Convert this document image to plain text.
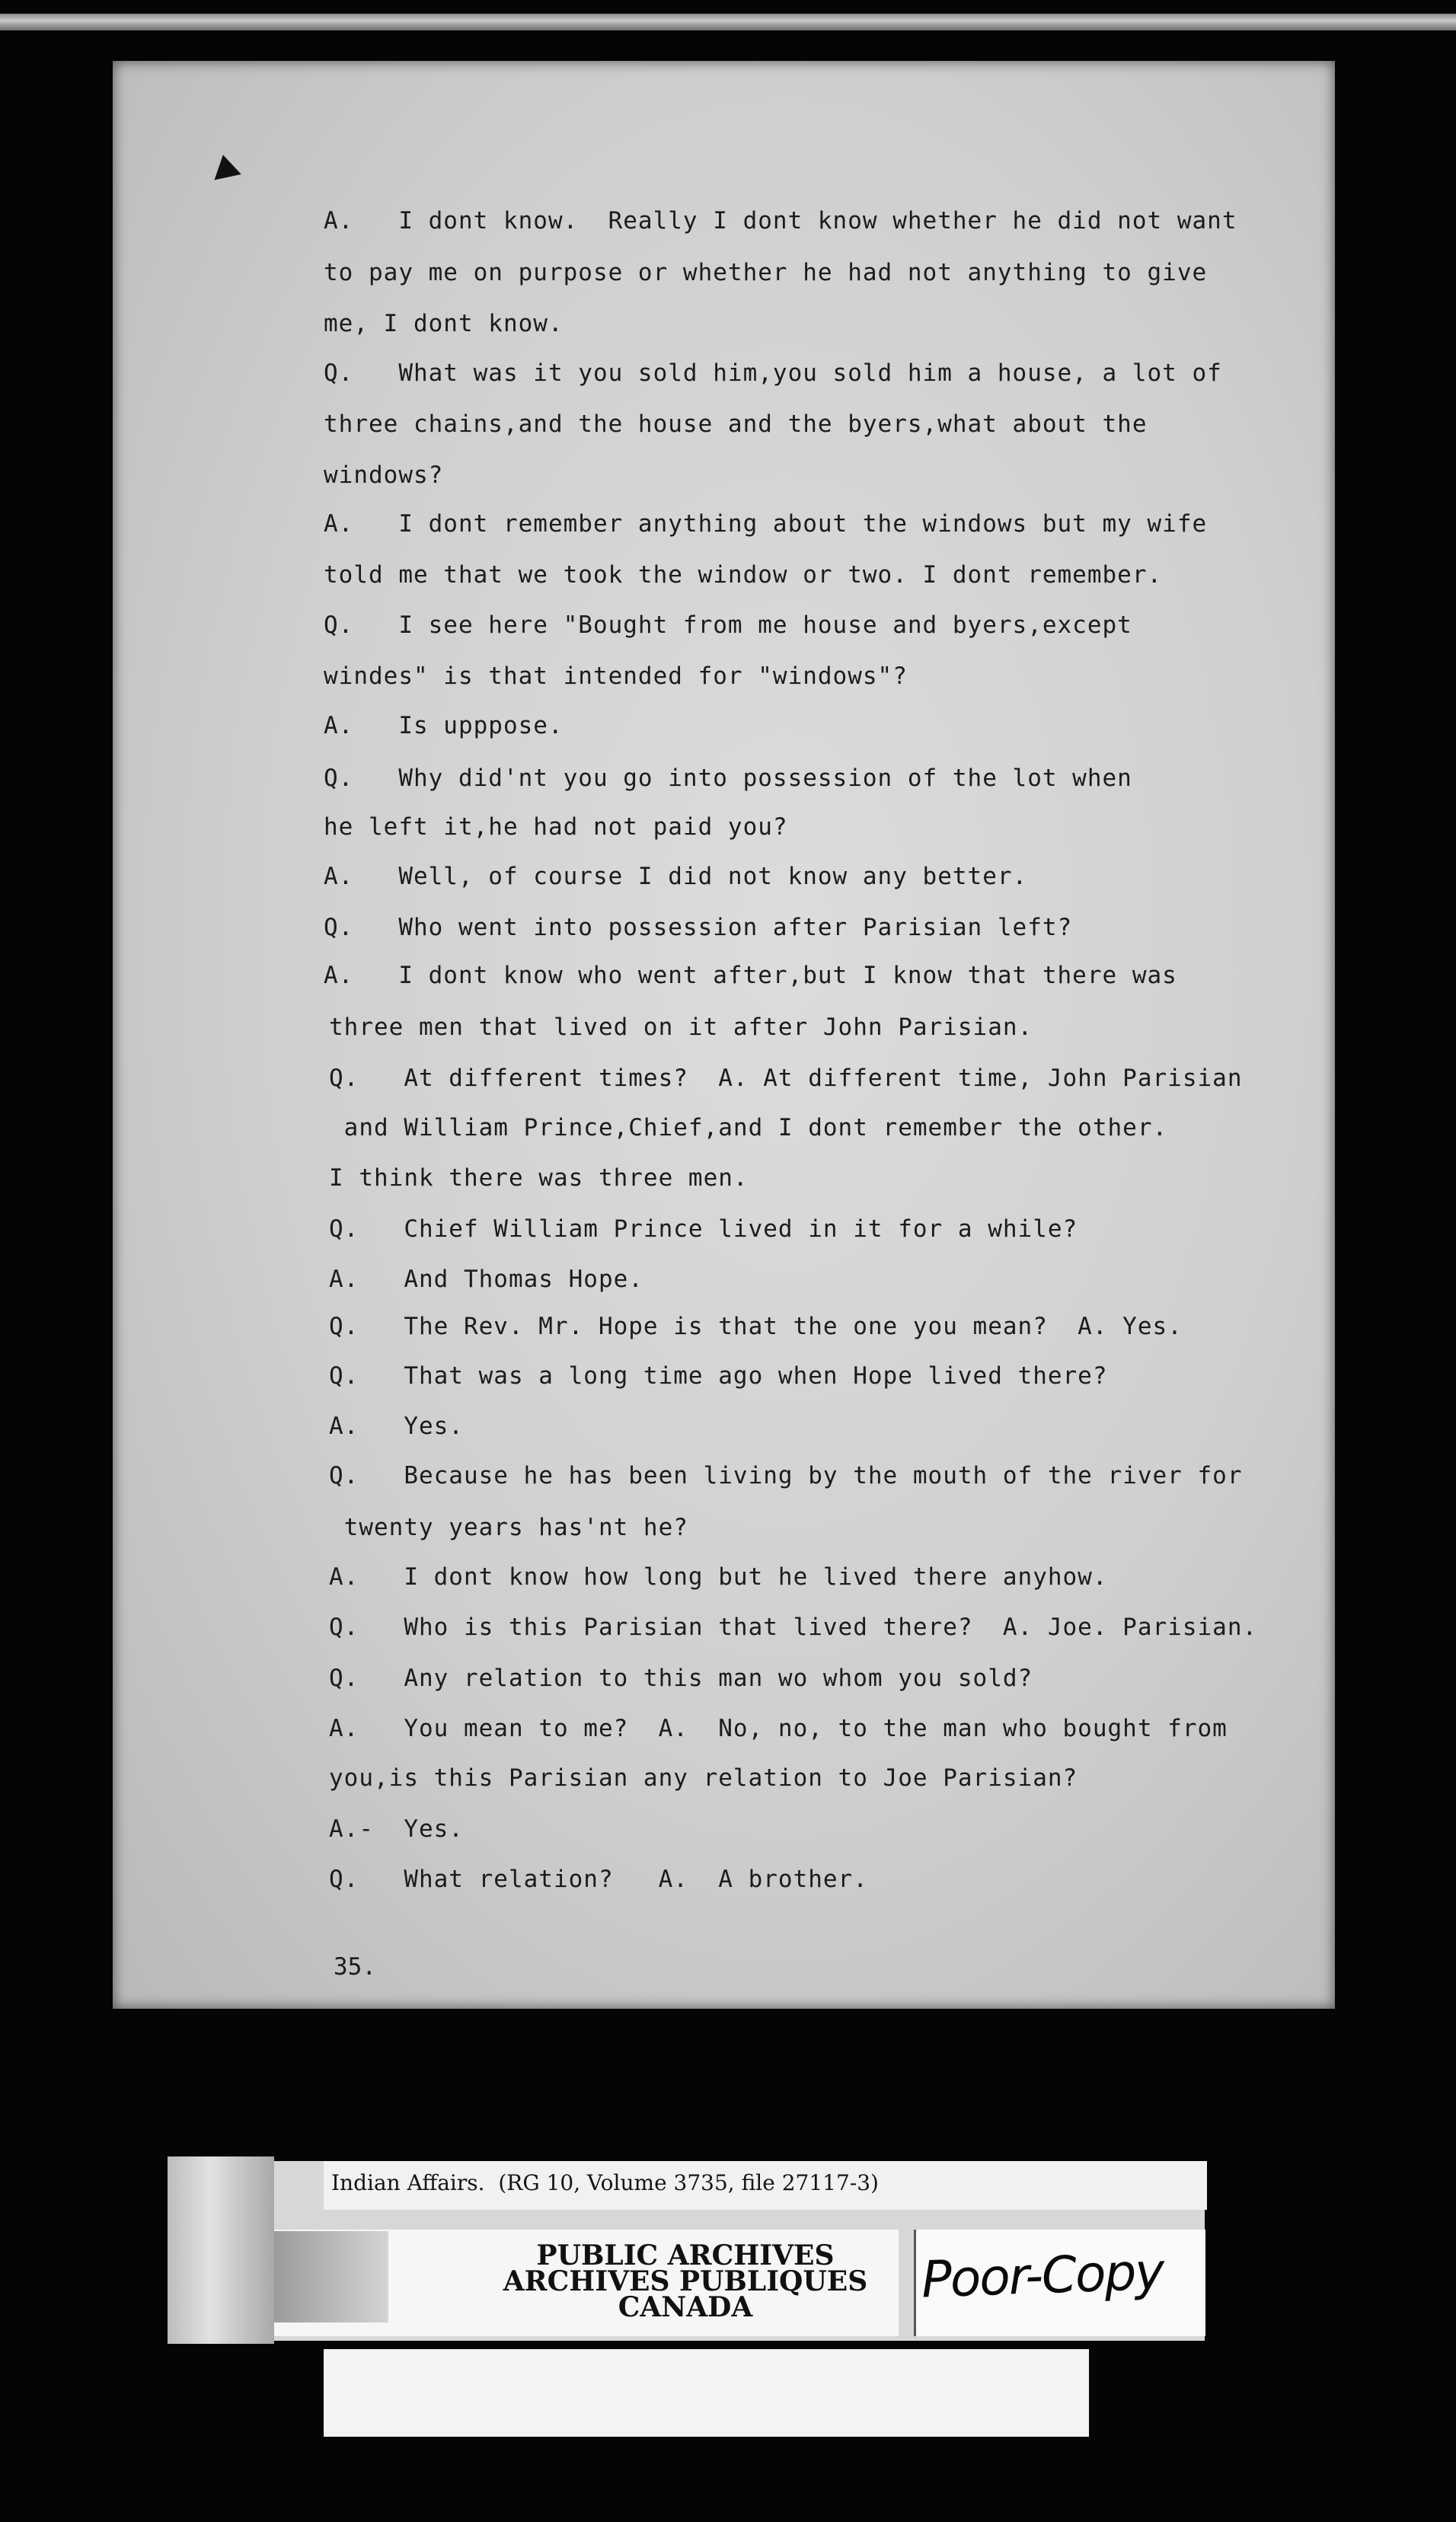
A.   I dont know.  Really I dont know whether he did not want
to pay me on purpose or whether he had not anything to give
me, I dont know.
Q.   What was it you sold him,you sold him a house, a lot of
three chains,and the house and the byers,what about the
windows?
A.   I dont remember anything about the windows but my wife
told me that we took the window or two. I dont remember.
Q.   I see here "Bought from me house and byers,except
windes" is that intended for "windows"?
A.   Is upppose.
Q.   Why did'nt you go into possession of the lot when
he left it,he had not paid you?
A.   Well, of course I did not know any better.
Q.   Who went into possession after Parisian left?
A.   I dont know who went after,but I know that there was
three men that lived on it after John Parisian.
Q.   At different times?  A. At different time, John Parisian
and William Prince,Chief,and I dont remember the other.
I think there was three men.
Q.   Chief William Prince lived in it for a while?
A.   And Thomas Hope.
Q.   The Rev. Mr. Hope is that the one you mean?  A. Yes.
Q.   That was a long time ago when Hope lived there?
A.   Yes.
Q.   Because he has been living by the mouth of the river for
twenty years has'nt he?
A.   I dont know how long but he lived there anyhow.
Q.   Who is this Parisian that lived there?  A. Joe. Parisian.
Q.   Any relation to this man wo whom you sold?
A.   You mean to me?  A.  No, no, to the man who bought from
you,is this Parisian any relation to Joe Parisian?
A.-  Yes.
Q.   What relation?   A.  A brother.
35.
Indian Affairs.  (RG 10, Volume 3735, file 27117-3)
PUBLIC ARCHIVES
ARCHIVES PUBLIQUES
CANADA	Poor-Copy
